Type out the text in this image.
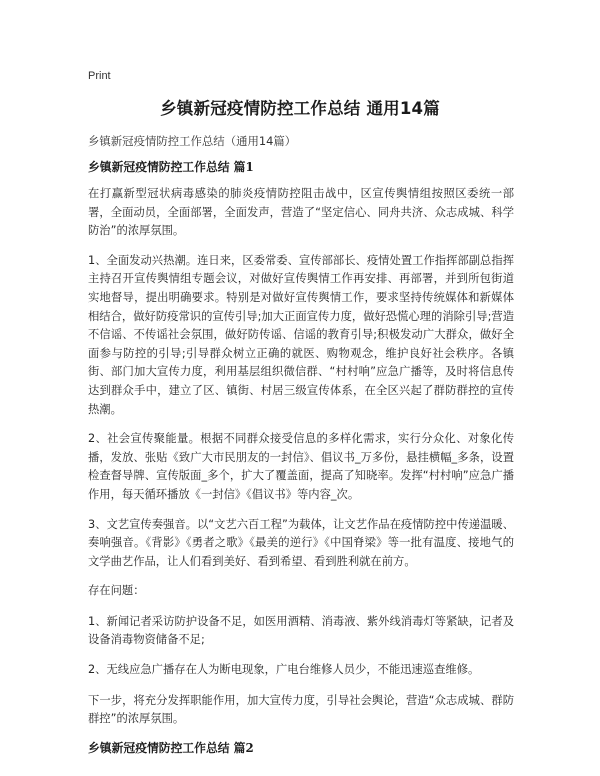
Print
乡镇新冠疫情防控工作总结 通用14篇
乡镇新冠疫情防控工作总结（通用14篇）
乡镇新冠疫情防控工作总结 篇1

在打赢新型冠状病毒感染的肺炎疫情防控阻击战中，区宣传舆情组按照区委统一部署，全面动员，全面部署，全面发声，营造了“坚定信心、同舟共济、众志成城、科学防治”的浓厚氛围。

1、全面发动兴热潮。连日来，区委常委、宣传部部长、疫情处置工作指挥部副总指挥主持召开宣传舆情组专题会议，对做好宣传舆情工作再安排、再部署，并到所包街道实地督导，提出明确要求。特别是对做好宣传舆情工作，要求坚持传统媒体和新媒体相结合，做好防疫常识的宣传引导;加大正面宣传力度，做好恐慌心理的消除引导;营造不信谣、不传谣社会氛围，做好防传谣、信谣的教育引导;积极发动广大群众，做好全面参与防控的引导;引导群众树立正确的就医、购物观念，维护良好社会秩序。各镇街、部门加大宣传力度，利用基层组织微信群、“村村响”应急广播等，及时将信息传达到群众手中，建立了区、镇街、村居三级宣传体系，在全区兴起了群防群控的宣传热潮。

2、社会宣传聚能量。根据不同群众接受信息的多样化需求，实行分众化、对象化传播，发放、张贴《致广大市民朋友的一封信》、倡议书_万多份，悬挂横幅_多条，设置检查督导牌、宣传版面_多个，扩大了覆盖面，提高了知晓率。发挥“村村响”应急广播作用，每天循环播放《一封信》《倡议书》等内容_次。

3、文艺宣传奏强音。以“文艺六百工程”为载体，让文艺作品在疫情防控中传递温暖、奏响强音。《背影》《勇者之歌》《最美的逆行》《中国脊梁》等一批有温度、接地气的文学曲艺作品，让人们看到美好、看到希望、看到胜利就在前方。

存在问题：

1、新闻记者采访防护设备不足，如医用酒精、消毒液、紫外线消毒灯等紧缺，记者及设备消毒物资储备不足;

2、无线应急广播存在人为断电现象，广电台维修人员少，不能迅速巡查维修。

下一步，将充分发挥职能作用，加大宣传力度，引导社会舆论，营造“众志成城、群防群控”的浓厚氛围。

乡镇新冠疫情防控工作总结 篇2
